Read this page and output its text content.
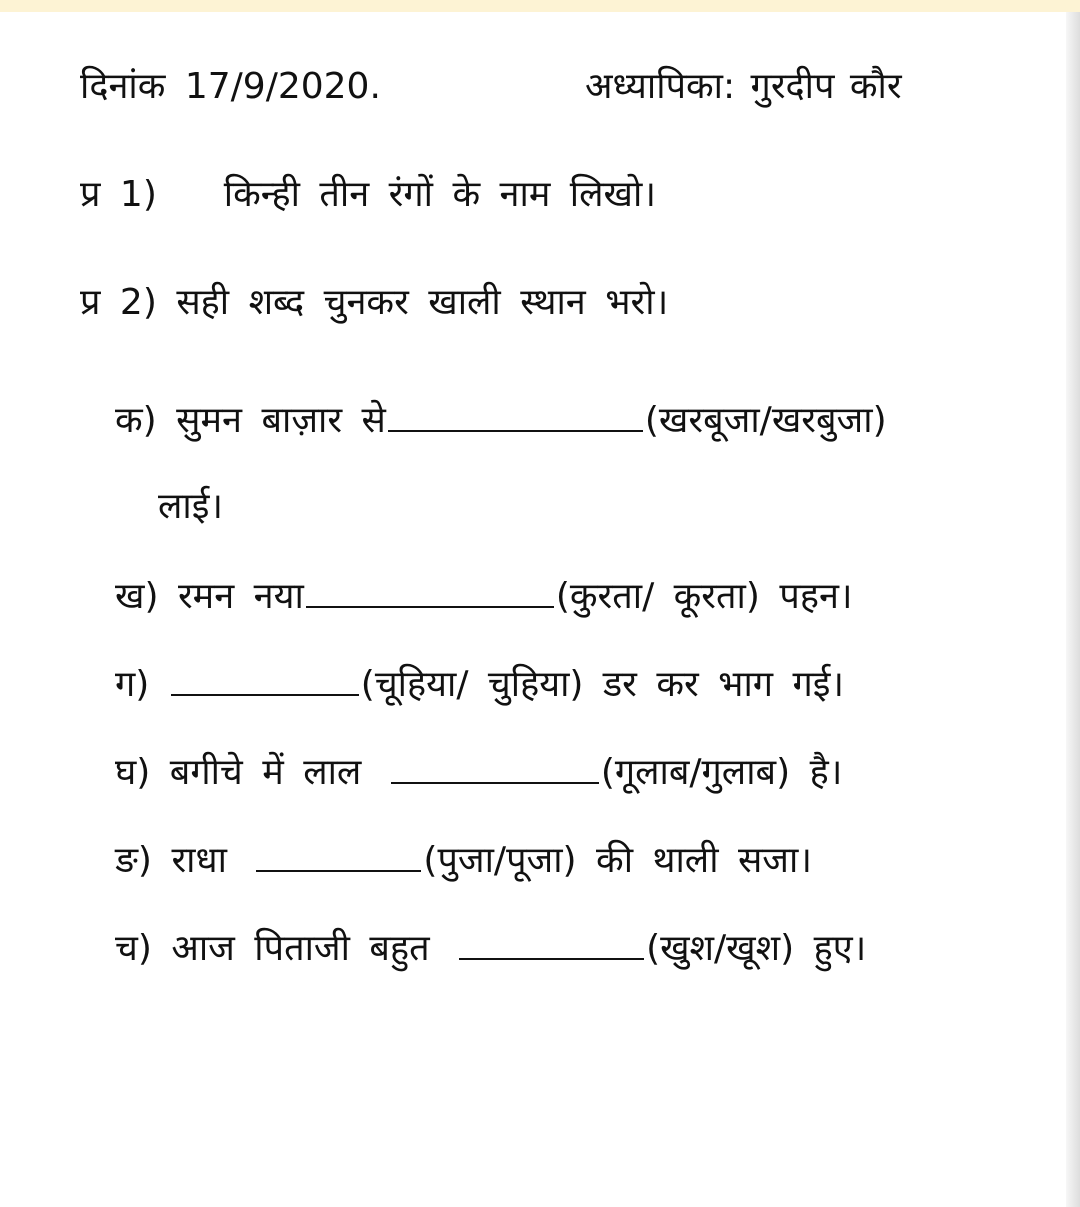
दिनांक 17/9/2020.	अध्यापिका: गुरदीप कौर
प्र 1) किन्ही तीन रंगों के नाम लिखो।
प्र 2) सही शब्द चुनकर खाली स्थान भरो।
क) सुमन बाज़ार से	(खरबूजा/खरबुजा)
लाई।
ख) रमन नया	(कुरता/ कूरता) पहन।
ग)	(चूहिया/ चुहिया) डर कर भाग गई।
घ) बगीचे में लाल	(गूलाब/गुलाब) है।
ङ) राधा	(पुजा/पूजा) की थाली सजा।
च) आज पिताजी बहुत	(खुश/खूश) हुए।
